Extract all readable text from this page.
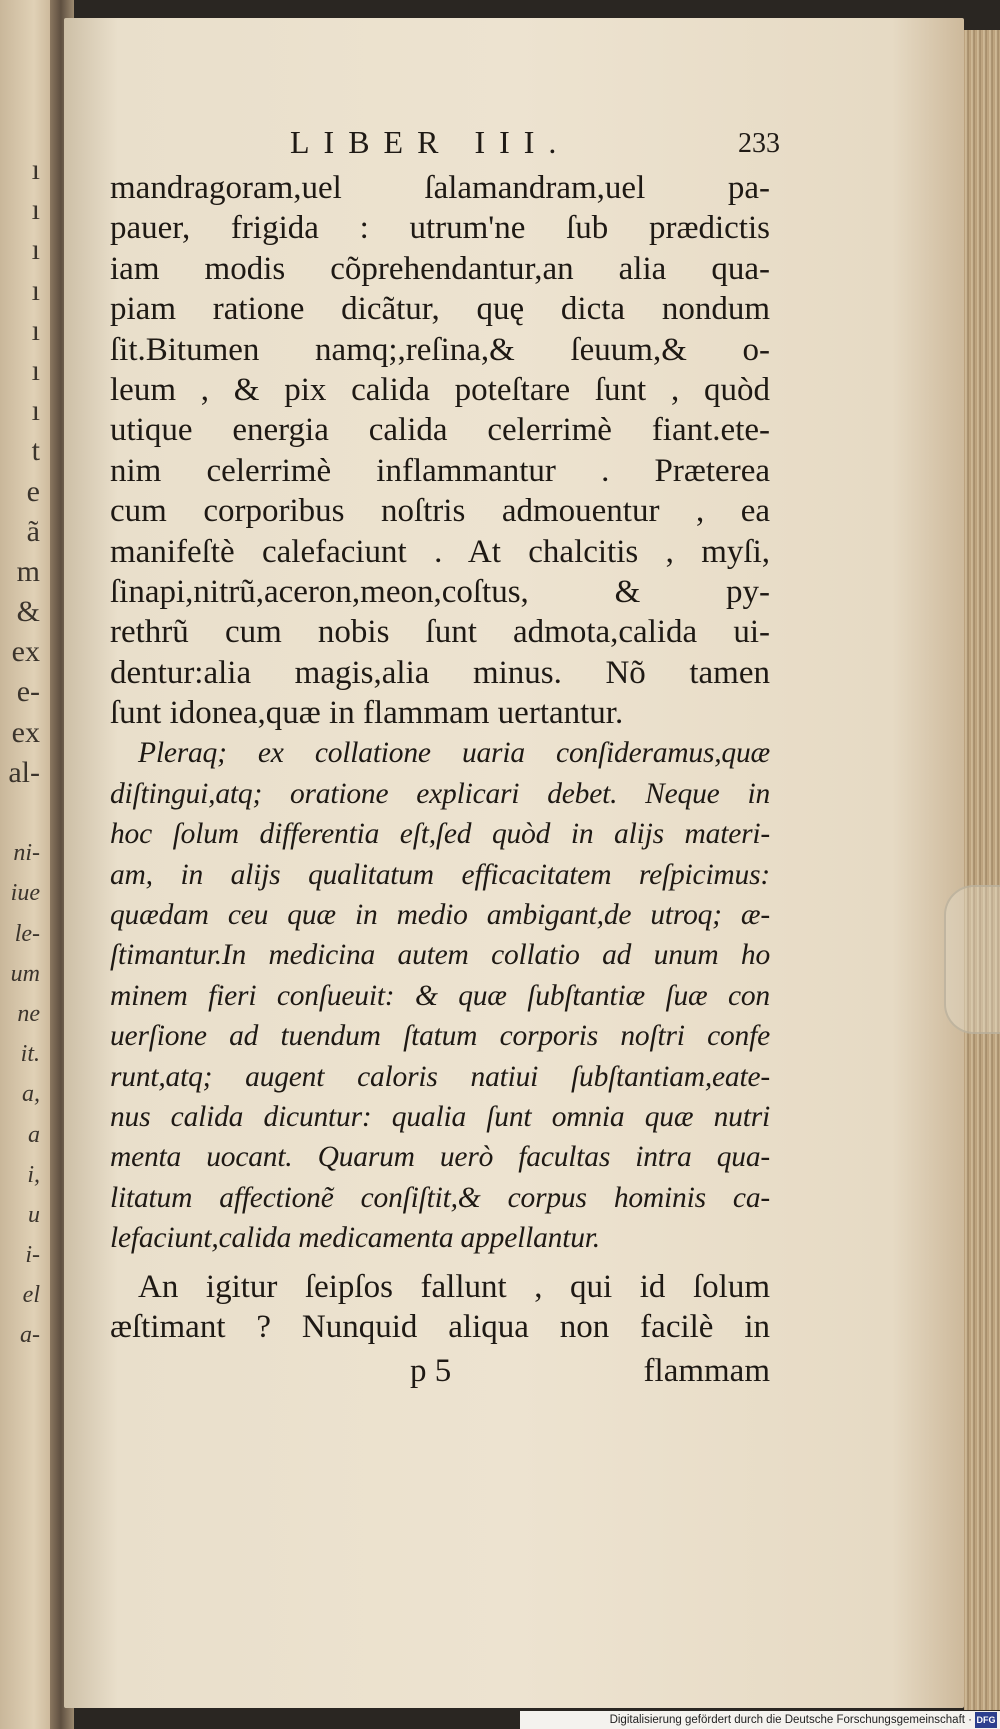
ı
ı
ı
ı
ı
ı
ı
t
e
ã
m
&
ex
e-
ex
al-
ni-
iue
le-
um
ne
it.
a,
a
i,
u
i-
el
a-
LIBER III.	233
mandragoram,uel ſalamandram,uel pa-
pauer, frigida : utrum'ne ſub prædictis
iam modis cõprehendantur,an alia qua-
piam ratione dicãtur, quę dicta nondum
ſit.Bitumen namq;,reſina,& ſeuum,& o-
leum , & pix calida poteſtare ſunt , quòd
utique energia calida celerrimè fiant.ete-
nim celerrimè inflammantur . Præterea
cum corporibus noſtris admouentur , ea
manifeſtè calefaciunt . At chalcitis , myſi,
ſinapi,nitrũ,aceron,meon,coſtus, & py-
rethrũ cum nobis ſunt admota,calida ui-
dentur:alia magis,alia minus. Nõ tamen
ſunt idonea,quæ in flammam uertantur.
Pleraq; ex collatione uaria conſideramus,quæ
diſtingui,atq; oratione explicari debet. Neque in
hoc ſolum differentia eſt,ſed quòd in alijs materi-
am, in alijs qualitatum efficacitatem reſpicimus:
quædam ceu quæ in medio ambigant,de utroq; æ-
ſtimantur.In medicina autem collatio ad unum ho
minem fieri conſueuit: & quæ ſubſtantiæ ſuæ con
uerſione ad tuendum ſtatum corporis noſtri confe
runt,atq; augent caloris natiui ſubſtantiam,eate-
nus calida dicuntur: qualia ſunt omnia quæ nutri
menta uocant. Quarum uerò facultas intra qua-
litatum affectionẽ conſiſtit,& corpus hominis ca-
lefaciunt,calida medicamenta appellantur.
An igitur ſeipſos fallunt , qui id ſolum
æſtimant ? Nunquid aliqua non facilè in
p 5	flammam
Digitalisierung gefördert durch die Deutsche Forschungsgemeinschaft · DFG
